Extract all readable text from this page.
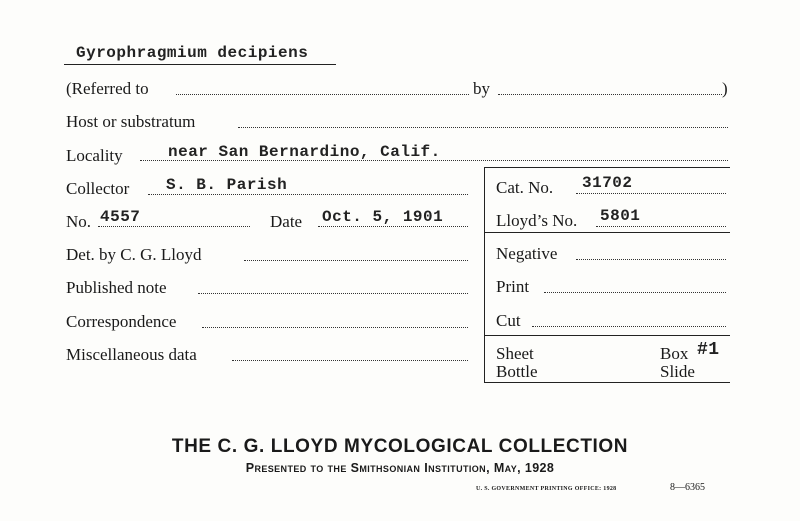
Gyrophragmium decipiens
(Referred to	by	)
Host or substratum
Locality	near San Bernardino, Calif.
Collector S. B. Parish	Cat. No. 31702
No. 4557	Date Oct. 5, 1901	Lloyd’s No. 5801
Det. by C. G. Lloyd	Negative
Published note	Print
Correspondence	Cut
Miscellaneous data	Sheet	Box #1
Bottle	Slide
THE C. G. LLOYD MYCOLOGICAL COLLECTION
Presented to the Smithsonian Institution, May, 1928
U. S. GOVERNMENT PRINTING OFFICE: 1928	8—6365
